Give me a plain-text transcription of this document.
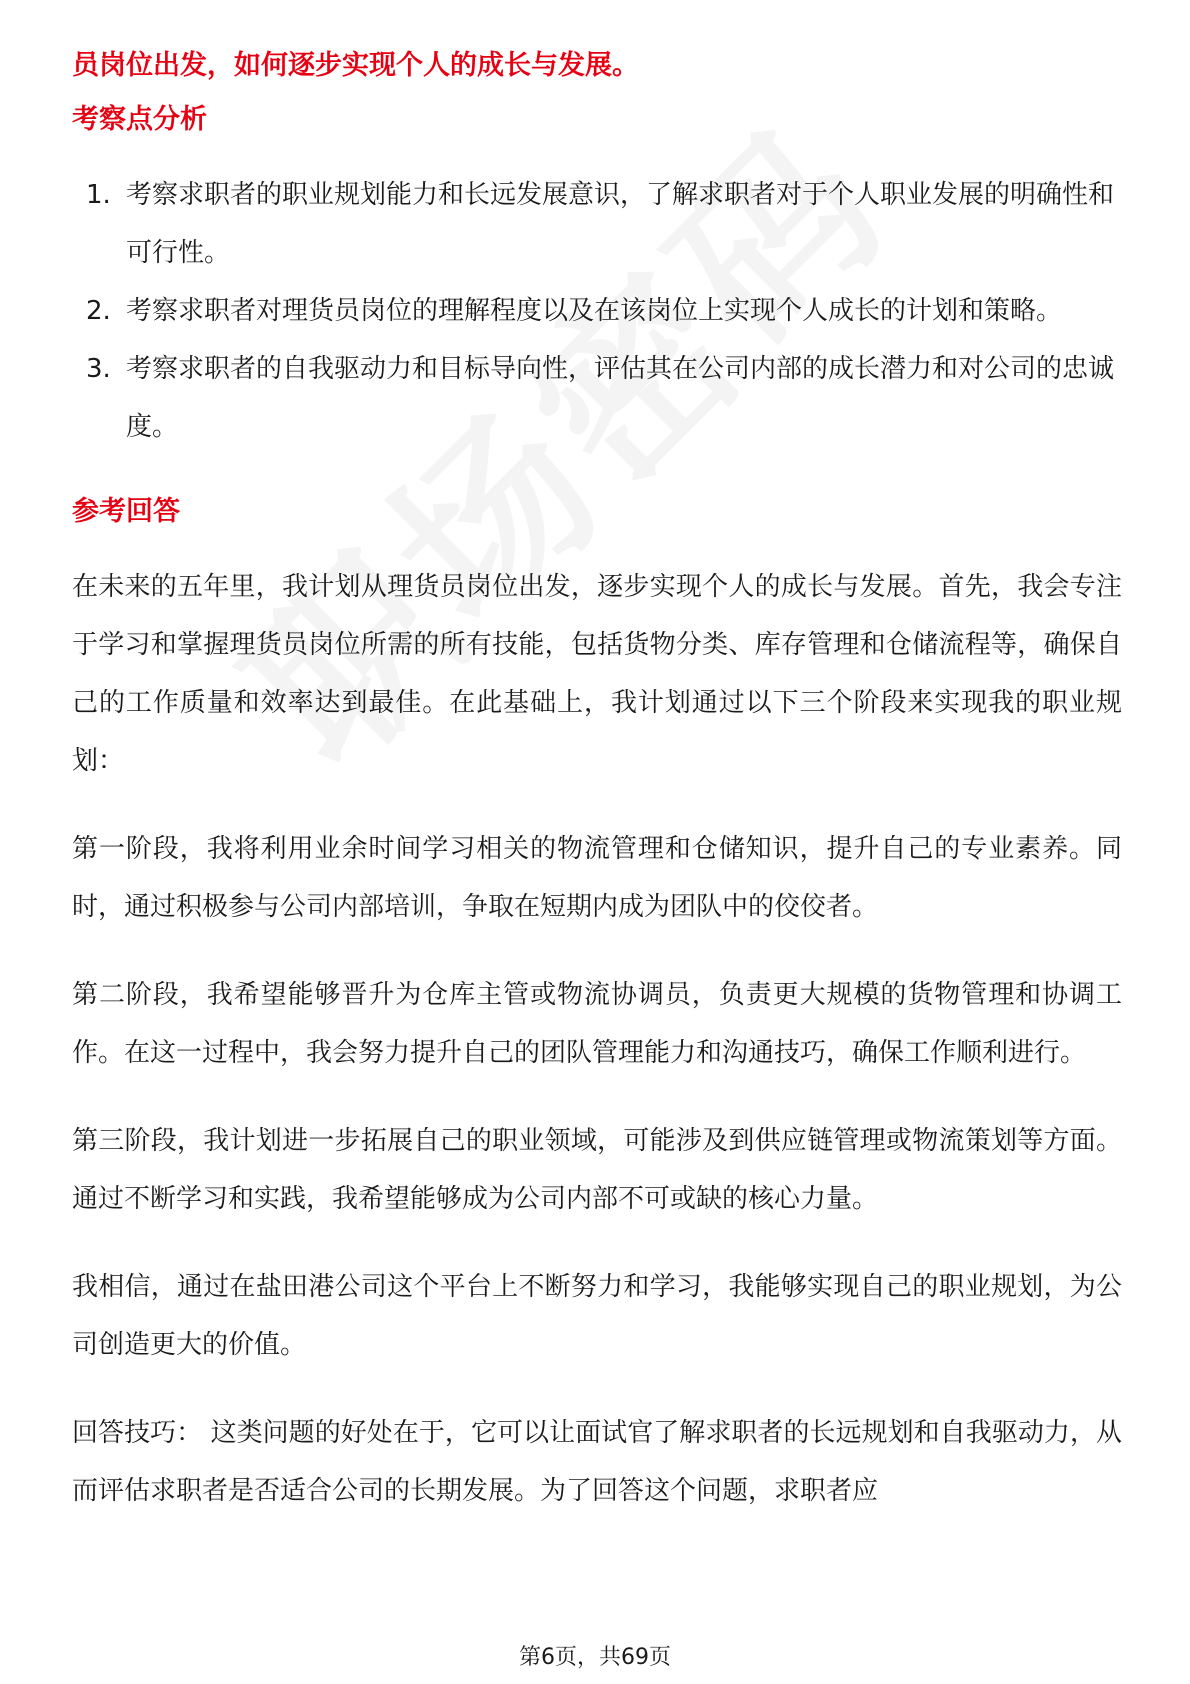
员岗位出发，如何逐步实现个人的成长与发展。
考察点分析
1. 考察求职者的职业规划能力和长远发展意识，了解求职者对于个人职业发展的明确性和可行性。
2. 考察求职者对理货员岗位的理解程度以及在该岗位上实现个人成长的计划和策略。
3. 考察求职者的自我驱动力和目标导向性，评估其在公司内部的成长潜力和对公司的忠诚度。
参考回答

在未来的五年里，我计划从理货员岗位出发，逐步实现个人的成长与发展。首先，我会专注于学习和掌握理货员岗位所需的所有技能，包括货物分类、库存管理和仓储流程等，确保自己的工作质量和效率达到最佳。在此基础上，我计划通过以下三个阶段来实现我的职业规划：

第一阶段，我将利用业余时间学习相关的物流管理和仓储知识，提升自己的专业素养。同时，通过积极参与公司内部培训，争取在短期内成为团队中的佼佼者。

第二阶段，我希望能够晋升为仓库主管或物流协调员，负责更大规模的货物管理和协调工作。在这一过程中，我会努力提升自己的团队管理能力和沟通技巧，确保工作顺利进行。

第三阶段，我计划进一步拓展自己的职业领域，可能涉及到供应链管理或物流策划等方面。通过不断学习和实践，我希望能够成为公司内部不可或缺的核心力量。

我相信，通过在盐田港公司这个平台上不断努力和学习，我能够实现自己的职业规划，为公司创造更大的价值。

回答技巧： 这类问题的好处在于，它可以让面试官了解求职者的长远规划和自我驱动力，从而评估求职者是否适合公司的长期发展。为了回答这个问题，求职者应

第6页，共69页
